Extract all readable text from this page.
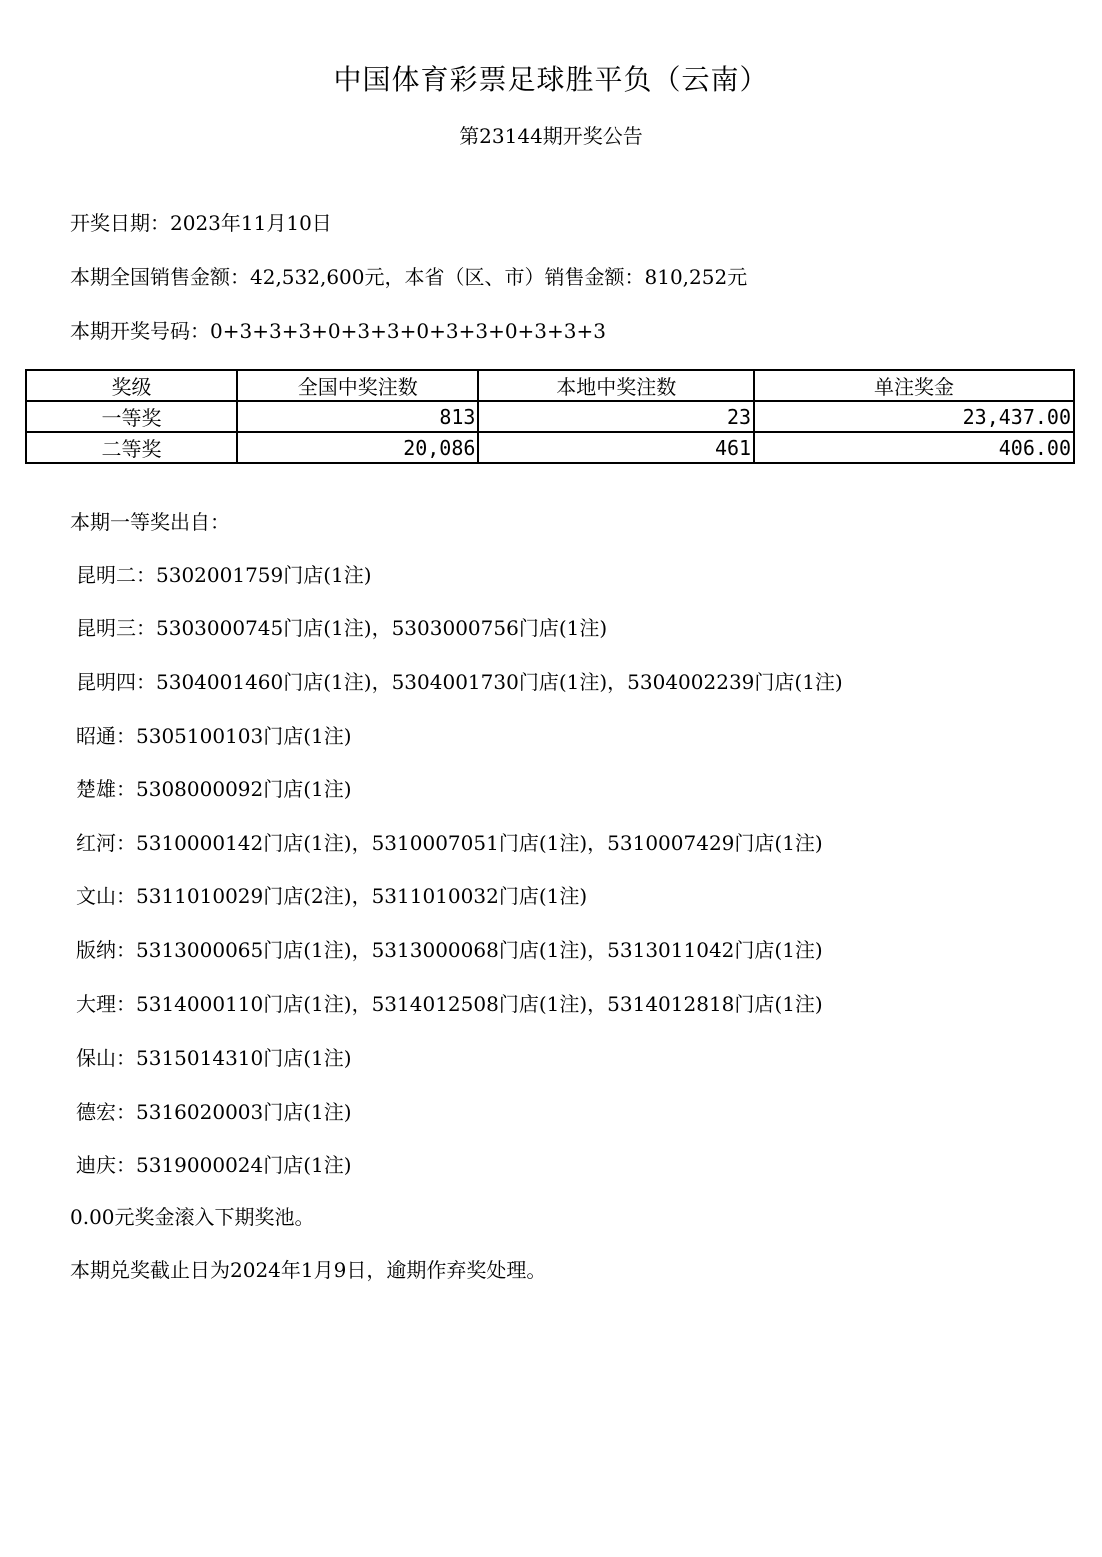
中国体育彩票足球胜平负（云南）
第23144期开奖公告
开奖日期：2023年11月10日
本期全国销售金额：42,532,600元，本省（区、市）销售金额：810,252元
本期开奖号码：0+3+3+3+0+3+3+0+3+3+0+3+3+3
奖级	全国中奖注数	本地中奖注数	单注奖金
一等奖	813	23	23,437.00
二等奖	20,086	461	406.00
本期一等奖出自：
昆明二：5302001759门店(1注)
昆明三：5303000745门店(1注)，5303000756门店(1注)
昆明四：5304001460门店(1注)，5304001730门店(1注)，5304002239门店(1注)
昭通：5305100103门店(1注)
楚雄：5308000092门店(1注)
红河：5310000142门店(1注)，5310007051门店(1注)，5310007429门店(1注)
文山：5311010029门店(2注)，5311010032门店(1注)
版纳：5313000065门店(1注)，5313000068门店(1注)，5313011042门店(1注)
大理：5314000110门店(1注)，5314012508门店(1注)，5314012818门店(1注)
保山：5315014310门店(1注)
德宏：5316020003门店(1注)
迪庆：5319000024门店(1注)
0.00元奖金滚入下期奖池。
本期兑奖截止日为2024年1月9日，逾期作弃奖处理。
